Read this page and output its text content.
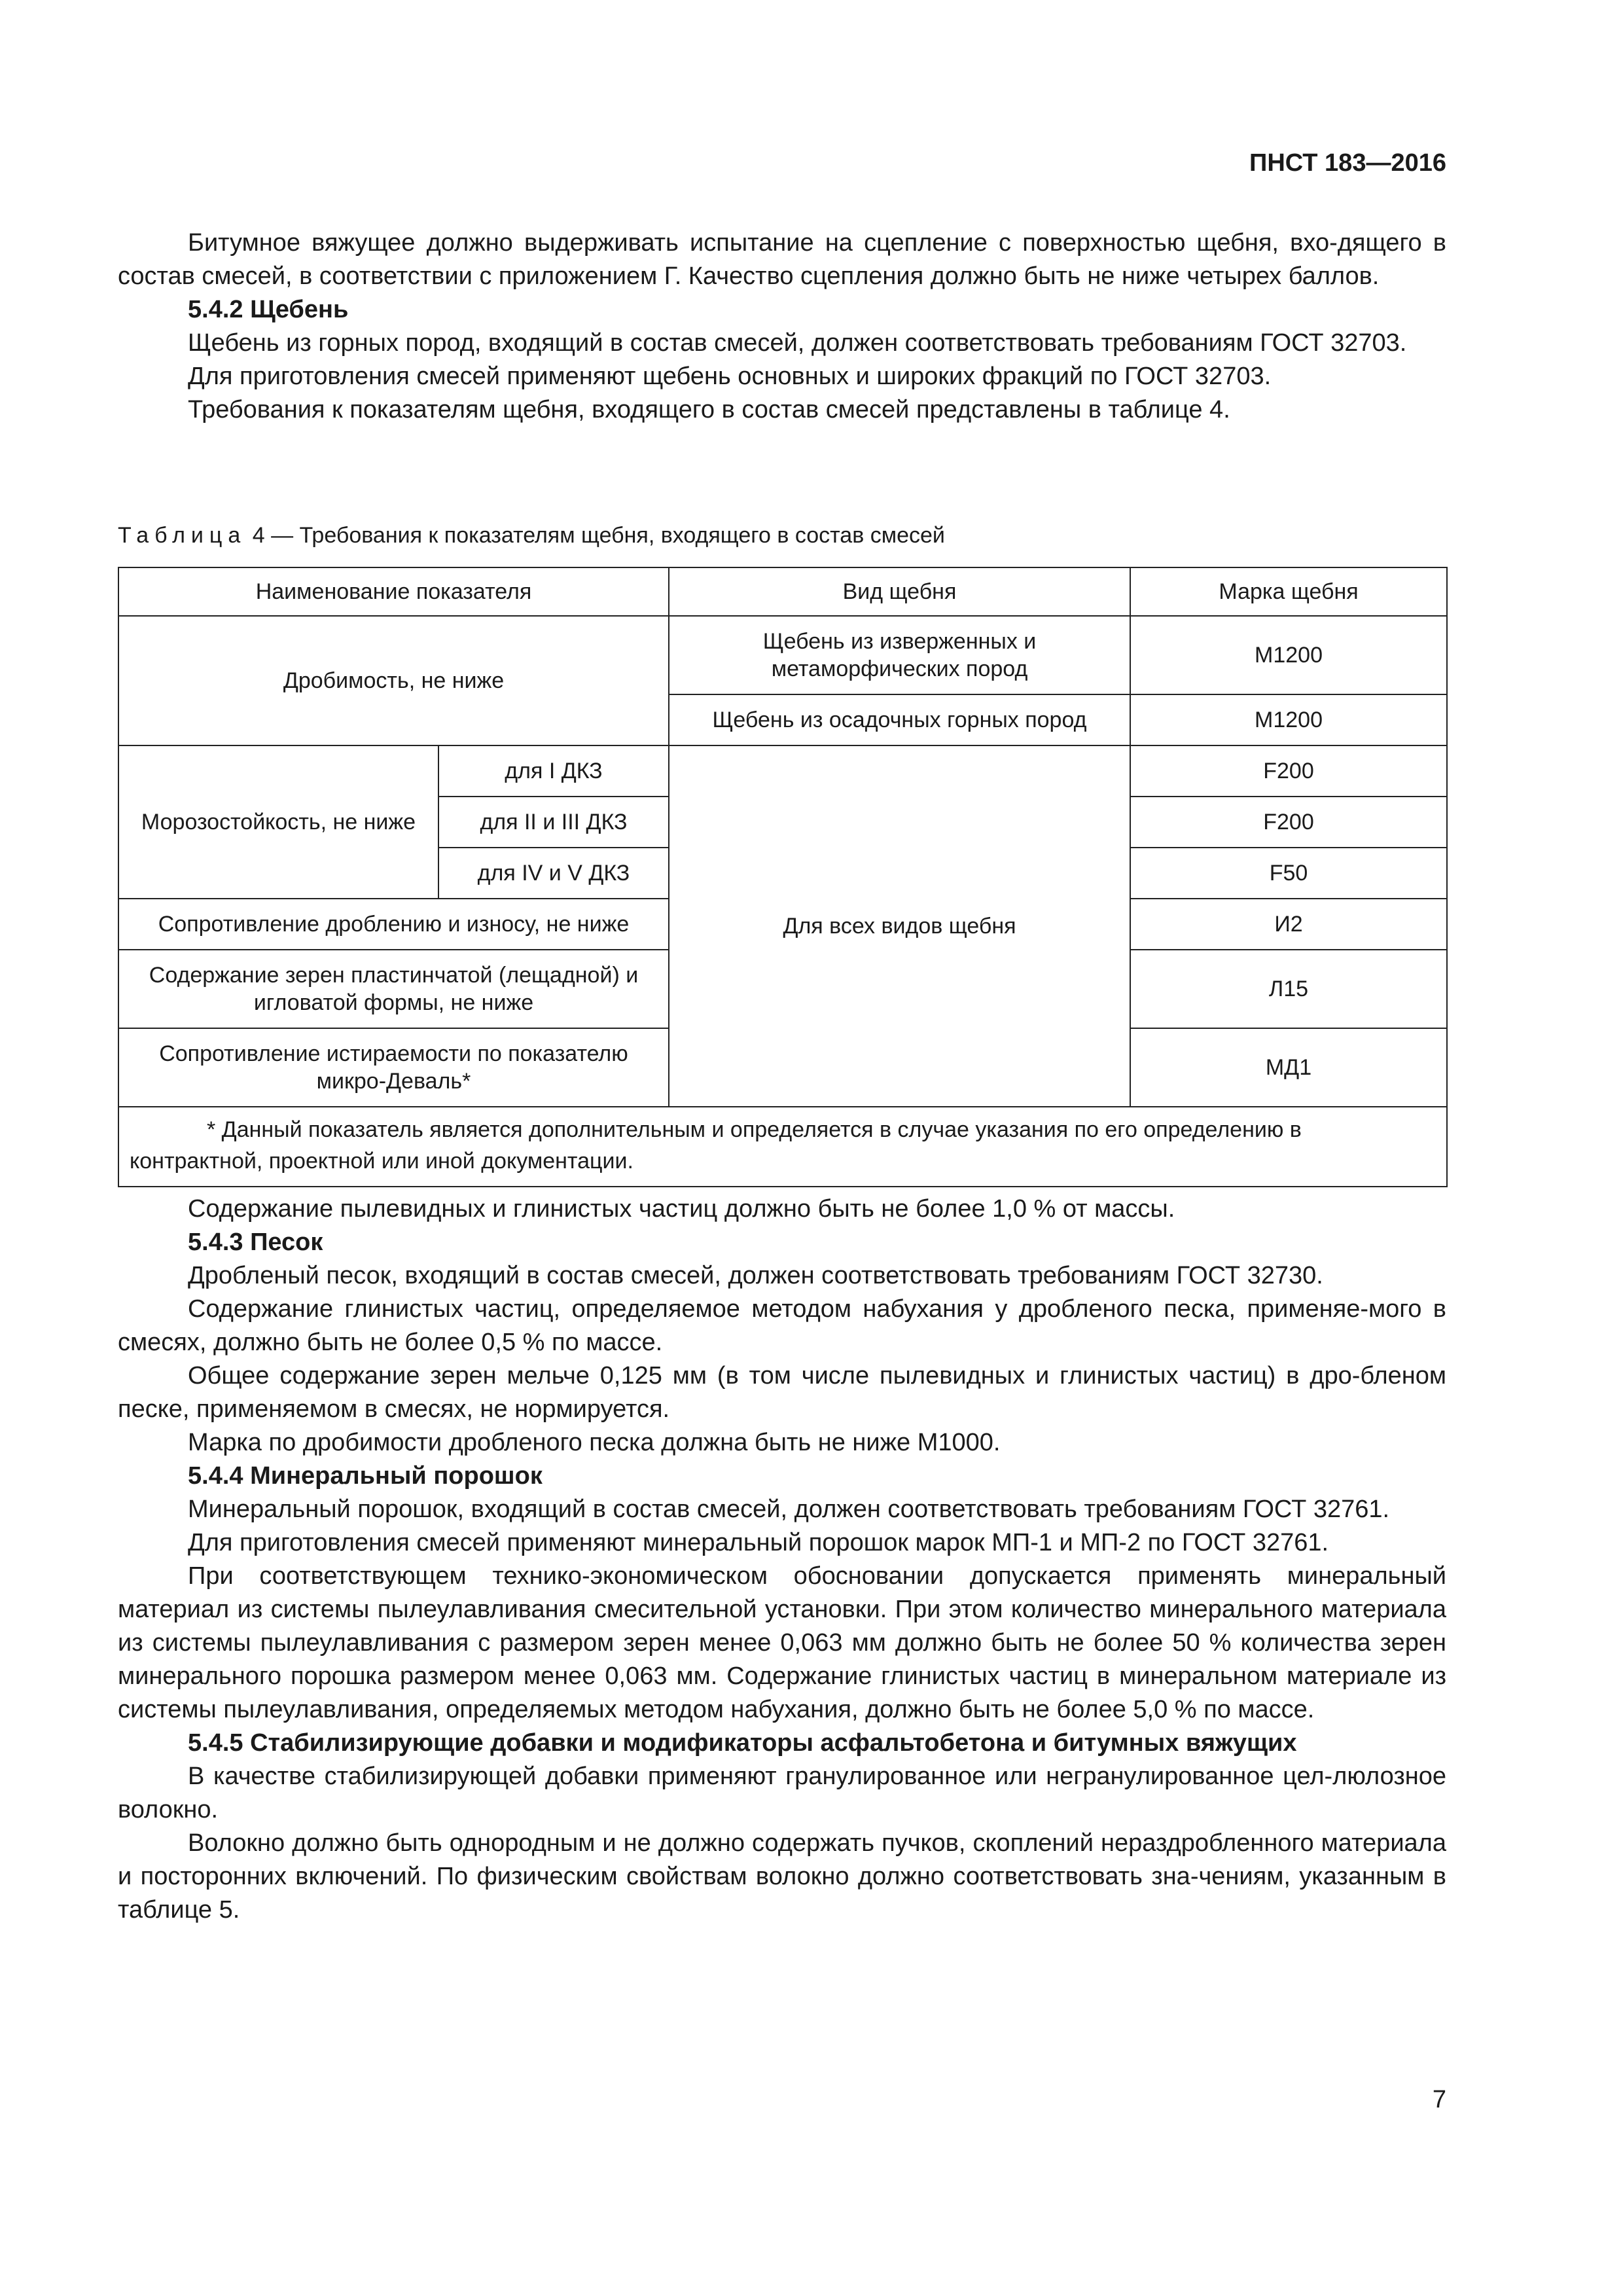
ПНСТ 183—2016

Битумное вяжущее должно выдерживать испытание на сцепление с поверхностью щебня, вхо-дящего в состав смесей, в соответствии с приложением Г. Качество сцепления должно быть не ниже четырех баллов.

5.4.2 Щебень

Щебень из горных пород, входящий в состав смесей, должен соответствовать требованиям ГОСТ 32703.

Для приготовления смесей применяют щебень основных и широких фракций по ГОСТ 32703.

Требования к показателям щебня, входящего в состав смесей представлены в таблице 4.

Таблица 4 — Требования к показателям щебня, входящего в состав смесей
Наименование показателя		Вид щебня	Марка щебня
Дробимость, не ниже		Щебень из изверженных и метаморфических пород	М1200
		Щебень из осадочных горных пород	М1200
Морозостойкость, не ниже	для I ДКЗ	Для всех видов щебня	F200
	для II и III ДКЗ		F200
	для IV и V ДКЗ		F50
Сопротивление дроблению и износу, не ниже			И2
Содержание зерен пластинчатой (лещадной) и игловатой формы, не ниже			Л15
Сопротивление истираемости по показателю микро-Деваль*			МД1
* Данный показатель является дополнительным и определяется в случае указания по его определению в контрактной, проектной или иной документации.			

Содержание пылевидных и глинистых частиц должно быть не более 1,0 % от массы.

5.4.3 Песок

Дробленый песок, входящий в состав смесей, должен соответствовать требованиям ГОСТ 32730.

Содержание глинистых частиц, определяемое методом набухания у дробленого песка, применяе-мого в смесях, должно быть не более 0,5 % по массе.

Общее содержание зерен мельче 0,125 мм (в том числе пылевидных и глинистых частиц) в дро-бленом песке, применяемом в смесях, не нормируется.

Марка по дробимости дробленого песка должна быть не ниже М1000.

5.4.4 Минеральный порошок

Минеральный порошок, входящий в состав смесей, должен соответствовать требованиям ГОСТ 32761.

Для приготовления смесей применяют минеральный порошок марок МП-1 и МП-2 по ГОСТ 32761.

При соответствующем технико-экономическом обосновании допускается применять минеральный материал из системы пылеулавливания смесительной установки. При этом количество минерального материала из системы пылеулавливания с размером зерен менее 0,063 мм должно быть не более 50 % количества зерен минерального порошка размером менее 0,063 мм. Содержание глинистых частиц в минеральном материале из системы пылеулавливания, определяемых методом набухания, должно быть не более 5,0 % по массе.

5.4.5 Стабилизирующие добавки и модификаторы асфальтобетона и битумных вяжущих

В качестве стабилизирующей добавки применяют гранулированное или негранулированное цел-люлозное волокно.

Волокно должно быть однородным и не должно содержать пучков, скоплений нераздробленного материала и посторонних включений. По физическим свойствам волокно должно соответствовать зна-чениям, указанным в таблице 5.

7
